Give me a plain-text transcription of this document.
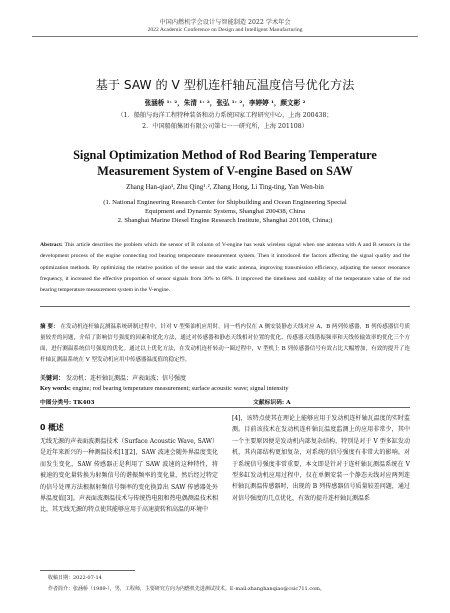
中国内燃机学会设计与智能制造 2022 学术年会
2022 Academic Conference on Design and Intelligent Manufacturing
基于 SAW 的 V 型机连杆轴瓦温度信号优化方法
张涵桥 ¹˒ ²，朱清 ¹˒ ²，张弘 ¹˒ ²，李婷婷 ¹，颜文彬 ²
（1．船舶与海洋工程特种装备和动力系统国家工程研究中心，上海 200438；
2．中国船舶集团有限公司第七一一研究所，上海 201108）
Signal Optimization Method of Rod Bearing Temperature Measurement System of V-engine Based on SAW
Zhang Han-qiao¹, Zhu Qing¹˒², Zhang Hong, Li Ting-ting, Yan Wen-bin
(1. National Engineering Research Center for Shipbuilding and Ocean Engineering Special Equipment and Dynamic Systems, Shanghai 200438, China
2. Shanghai Marine Diesel Engine Research Institute, Shanghai 201108, China;)
Abstract: This article describes the problem which the sensor of B column of V-engine has weak wireless signal when one antenna with A and B sensors in the development process of the engine connecting rod bearing temperature measurement system. Then it introduced the factors affecting the signal quality and the optimization methods. By optimizing the relative position of the sensor and the static antenna, improving transmission efficiency, adjusting the sensor resonance frequency, it increased the effective proportion of sensor signals from 30% to 68%. It improved the timeliness and stability of the temperature value of the rod bearing temperature measurement system in the V-engine.
摘 要： 在发动机连杆轴瓦测温系统研制过程中，针对 V 型柴油机应用时，同一档内仅在 A 侧安装静态天线对应 A、B 两列传感器，B 列传感器信号质量较差的问题，介绍了影响信号强度的因素和优化方法，通过对传感器和静态天线相对位置的优化、传感器天线谐振频率和天线传输效率的优化三个方面，进行测温系统信号强度的优化。通过以上优化方法，在发动机连杆转动一圈过程中，V 型机上 B 列传感器信号有效占比大幅增加，有效的提升了连杆轴瓦测温系统在 V 型发动机应用中传感器温度值的稳定性。
关键词： 发动机；连杆轴瓦测温；声表面波；信号强度
Key words: engine; rod bearing temperature measurement; surface acoustic wave; signal intensity
中图分类号: TK403	文献标识码: A
0 概述
无线无源的声表面波测温技术（Surface Acoustic Wave, SAW）是近年来新兴的一种测温技术[1][2]，SAW 波速会随外界温度变化而发生变化，SAW 传感器正是利用了 SAW 波速的这种特性，将被速的变化量转换为射频信号的谐振频率的变化量，然后经过特定的信号处理方法根据射频信号频率的变化换算出 SAW 传感器处外界温度值[3]。声表面波测温技术与传统热电阻和热电偶测温技术相比，其无线无源的特点使其能够应用于高速旋转和高温的环境中
[4]，该特点使其在理论上能够应用于发动机连杆轴瓦温度的实时监测。目前该技术在发动机连杆轴瓦温度监测上的应用非常少，其中一个主要原因便是发动机内部复杂结构，特别是对于 V 型多缸发动机，其内部结构更加复杂，对系统的信号强度有非常大的影响。对于系统信号强度非常重要，本文即是针对于连杆轴瓦测温系统在 V 型多缸发动机应用过程中，仅在单侧安装一个静态天线对应两列连杆轴瓦测温传感器时，出现的 B 列传感器信号质量较差问题，通过对信号强度的几点优化，有效的提升连杆轴瓦测温系
收稿日期：2022-07-14
作者简介：张涵桥（1989-），男，工程师，主要研究方向为内燃机先进测试技术。E-mail:zhanghanqiao@csic711.com。
